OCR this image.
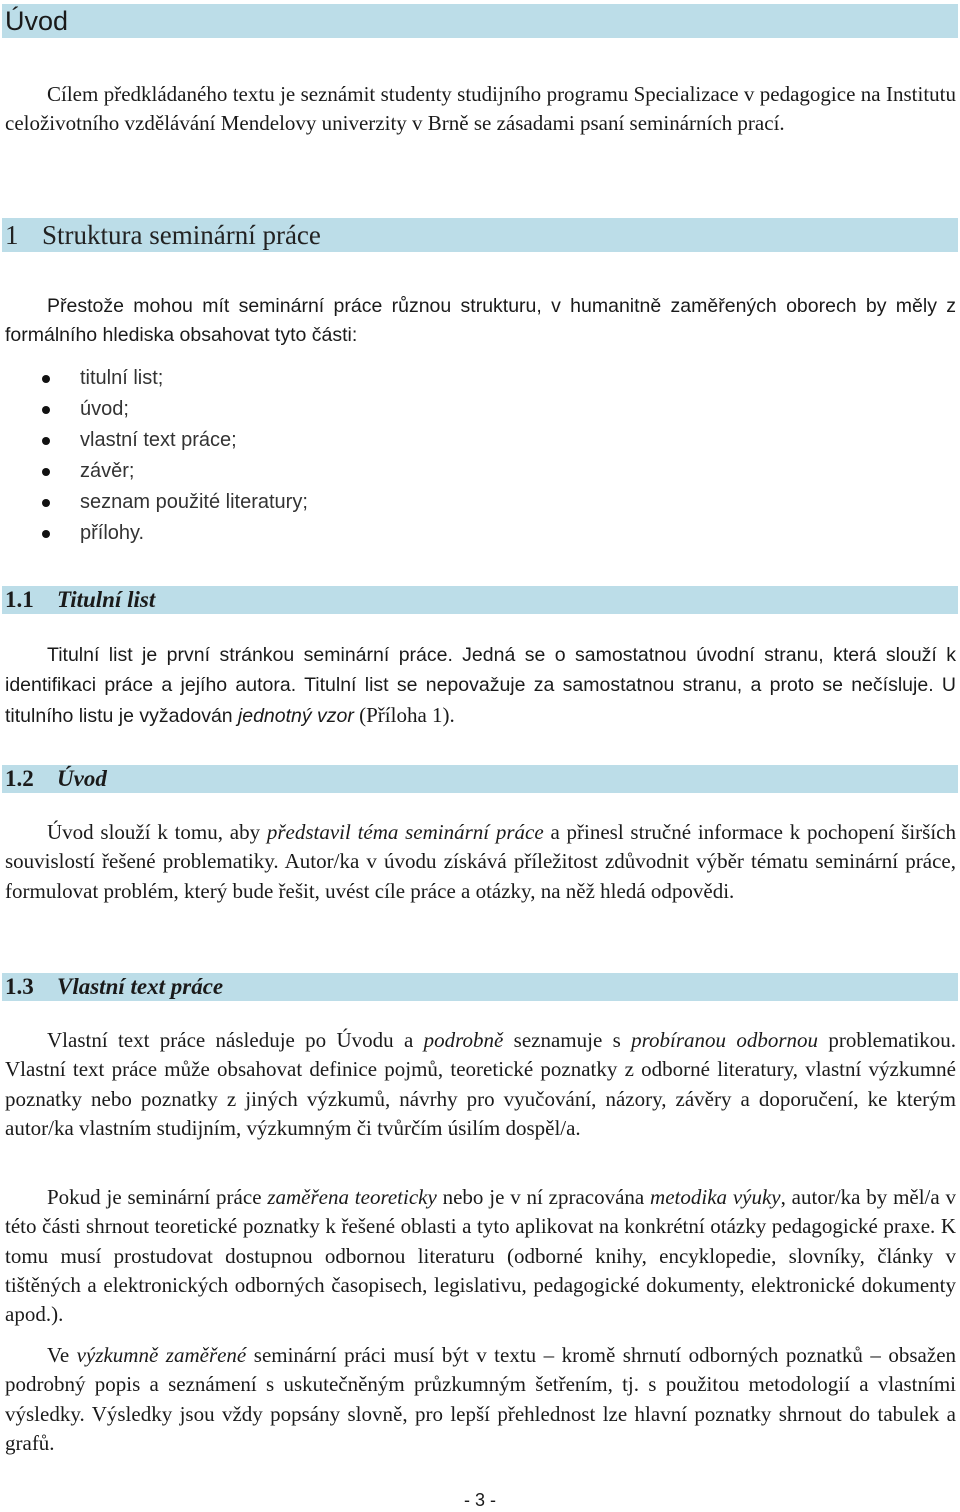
Úvod

Cílem předkládaného textu je seznámit studenty studijního programu Specializace v pedagogice na Institutu celoživotního vzdělávání Mendelovy univerzity v Brně se zásadami psaní seminárních prací.

1 Struktura seminární práce

Přestože mohou mít seminární práce různou strukturu, v humanitně zaměřených oborech by měly z formálního hlediska obsahovat tyto části:

titulní list;
úvod;
vlastní text práce;
závěr;
seznam použité literatury;
přílohy.
1.1 Titulní list

Titulní list je první stránkou seminární práce. Jedná se o samostatnou úvodní stranu, která slouží k identifikaci práce a jejího autora. Titulní list se nepovažuje za samostatnou stranu, a proto se nečísluje. U titulního listu je vyžadován jednotný vzor (Příloha 1).

1.2 Úvod

Úvod slouží k tomu, aby představil téma seminární práce a přinesl stručné informace k pochopení širších souvislostí řešené problematiky. Autor/ka v úvodu získává příležitost zdůvodnit výběr tématu seminární práce, formulovat problém, který bude řešit, uvést cíle práce a otázky, na něž hledá odpovědi.

1.3 Vlastní text práce

Vlastní text práce následuje po Úvodu a podrobně seznamuje s probíranou odbornou problematikou. Vlastní text práce může obsahovat definice pojmů, teoretické poznatky z odborné literatury, vlastní výzkumné poznatky nebo poznatky z jiných výzkumů, návrhy pro vyučování, názory, závěry a doporučení, ke kterým autor/ka vlastním studijním, výzkumným či tvůrčím úsilím dospěl/a.

Pokud je seminární práce zaměřena teoreticky nebo je v ní zpracována metodika výuky, autor/ka by měl/a v této části shrnout teoretické poznatky k řešené oblasti a tyto aplikovat na konkrétní otázky pedagogické praxe. K tomu musí prostudovat dostupnou odbornou literaturu (odborné knihy, encyklopedie, slovníky, články v tištěných a elektronických odborných časopisech, legislativu, pedagogické dokumenty, elektronické dokumenty apod.).

Ve výzkumně zaměřené seminární práci musí být v textu – kromě shrnutí odborných poznatků – obsažen podrobný popis a seznámení s uskutečněným průzkumným šetřením, tj. s použitou metodologií a vlastními výsledky. Výsledky jsou vždy popsány slovně, pro lepší přehlednost lze hlavní poznatky shrnout do tabulek a grafů.

- 3 -
